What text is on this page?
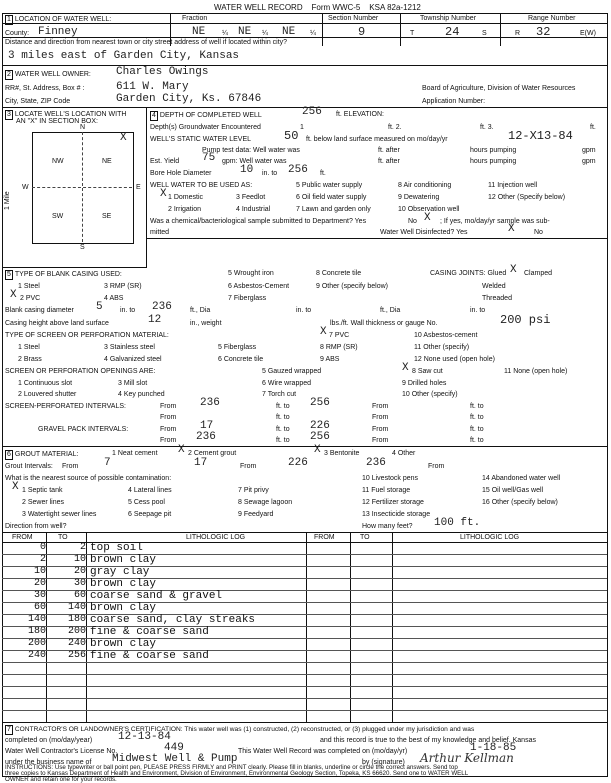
WATER WELL RECORD Form WWC-5 KSA 82a-1212
1 LOCATION OF WATER WELL:	Fraction	Section Number	Township Number	Range Number
County: Finney	NE ¼ NE ¼ NE ¼	9	T	24	S	R 32	E(W)
Distance and direction from nearest town or city street address of well if located within city?
3 miles east of Garden City, Kansas
2 WATER WELL OWNER: Charles Owings
RR#, St. Address, Box # :	611 W. Mary	Board of Agriculture, Division of Water Resources
City, State, ZIP Code	Garden City, Ks. 67846	Application Number:
3 LOCATE WELL'S LOCATION WITH
AN "X" IN SECTION BOX:
N
S
E
W
NW	NE
SW	SE
X
1 Mile
4 DEPTH OF COMPLETED WELL	256 ft. ELEVATION:
Depth(s) Groundwater Encountered	1	ft. 2.	ft. 3.	ft.
WELL'S STATIC WATER LEVEL	50 ft. below land surface measured on mo/day/yr	12-X13-84
Pump test data: Well water was	ft. after	hours pumping	gpm
Est. Yield 75 gpm: Well water was	ft. after	hours pumping	gpm
Bore Hole Diameter	10 in. to 256 ft.
WELL WATER TO BE USED AS:	5 Public water supply	8 Air conditioning	11 Injection well
X 1 Domestic	3 Feedlot	6 Oil field water supply	9 Dewatering	12 Other (Specify below)
2 Irrigation	4 Industrial	7 Lawn and garden only	10 Observation well
Was a chemical/bacteriological sample submitted to Department? Yes	No X ; If yes, mo/day/yr sample was sub-
mitted	Water Well Disinfected? Yes	X	No
5 TYPE OF BLANK CASING USED:	5 Wrought iron	8 Concrete tile	CASING JOINTS: Glued X Clamped
1 Steel	3 RMP (SR)	6 Asbestos-Cement	9 Other (specify below)	Welded
X 2 PVC	4 ABS	7 Fiberglass	Threaded
Blank casing diameter 5 in. to 236	ft., Dia	in. to	ft., Dia	in. to
Casing height above land surface	12	in., weight	lbs./ft. Wall thickness or gauge No.	200 psi
TYPE OF SCREEN OR PERFORATION MATERIAL:	X 7 PVC	10 Asbestos-cement
1 Steel	3 Stainless steel	5 Fiberglass	8 RMP (SR)	11 Other (specify)
2 Brass	4 Galvanized steel	6 Concrete tile	9 ABS	12 None used (open hole)
SCREEN OR PERFORATION OPENINGS ARE:	5 Gauzed wrapped	X 8 Saw cut	11 None (open hole)
1 Continuous slot	3 Mill slot	6 Wire wrapped	9 Drilled holes
2 Louvered shutter	4 Key punched	7 Torch cut	10 Other (specify)
SCREEN-PERFORATED INTERVALS:	From 236	ft. to 256	From	ft. to
From	ft. to	From	ft. to
GRAVEL PACK INTERVALS:	From 17	ft. to 226	From	ft. to
From 236	ft. to 256	From	ft. to
6 GROUT MATERIAL:	1 Neat cement X 2 Cement grout	X 3 Bentonite	4 Other
Grout Intervals: From 7	17	From	226	236	From
What is the nearest source of possible contamination:	10 Livestock pens	14 Abandoned water well
X 1 Septic tank	4 Lateral lines	7 Pit privy	11 Fuel storage	15 Oil well/Gas well
2 Sewer lines	5 Cess pool	8 Sewage lagoon	12 Fertilizer storage	16 Other (specify below)
3 Watertight sewer lines	6 Seepage pit	9 Feedyard	13 Insecticide storage
Direction from well?	How many feet? 100 ft.
FROM	TO	LITHOLOGIC LOG	FROM	TO	LITHOLOGIC LOG
0	2 top soil
2	10 brown clay
10	20 gray clay
20	30 brown clay
30	60 coarse sand & gravel
60	140 brown clay
140	180 coarse sand, clay streaks
180	200 fine & coarse sand
200	240 brown clay
240	256 fine & coarse sand
7 CONTRACTOR'S OR LANDOWNER'S CERTIFICATION: This water well was (1) constructed, (2) reconstructed, or (3) plugged under my jurisdiction and was
completed on (mo/day/year) 12-13-84	and this record is true to the best of my knowledge and belief. Kansas
Water Well Contractor's License No.	449	This Water Well Record was completed on (mo/day/yr)	1-18-85
under the business name of Midwest Well & Pump	by (signature) Arthur Kellman
INSTRUCTIONS: Use typewriter or ball point pen, PLEASE PRESS FIRMLY and PRINT clearly. Please fill in blanks, underline or circle the correct answers. Send top
three copies to Kansas Department of Health and Environment, Division of Environment, Environmental Geology Section, Topeka, KS 66620. Send one to WATER WELL
OWNER and retain one for your records.
